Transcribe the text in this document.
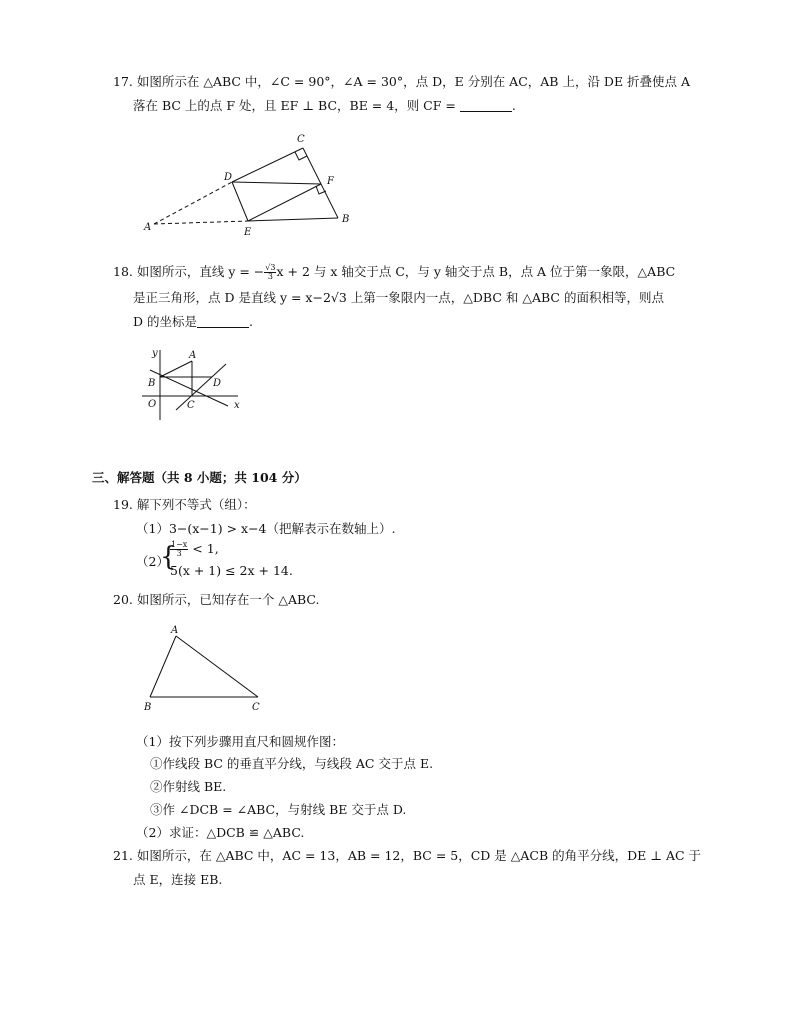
17. 如图所示在 △ABC 中，∠C = 90°，∠A = 30°，点 D，E 分别在 AC，AB 上，沿 DE 折叠使点 A
落在 BC 上的点 F 处，且 EF ⊥ BC，BE = 4，则 CF =	.
A
B
C
D
E
F
18. 如图所示，直线 y = − $\frac{√3}{3}$ x + 2 与 x 轴交于点 C，与 y 轴交于点 B，点 A 位于第一象限，△ABC
是正三角形，点 D 是直线 y = x−2√3 上第一象限内一点，△DBC 和 △ABC 的面积相等，则点
D 的坐标是	.
y
x
O
A
B
C
D
三、解答题（共 8 小题；共 104 分）
19. 解下列不等式（组）：
（1）3−(x−1) > x−4（把解表示在数轴上）.
（2）
{
$\frac{1-x}{3} < 1$,
5(x + 1) ≤ 2x + 14.
20. 如图所示，已知存在一个 △ABC.
A
B	C
（1）按下列步骤用直尺和圆规作图：
①作线段 BC 的垂直平分线，与线段 AC 交于点 E.
②作射线 BE.
③作 ∠DCB = ∠ABC，与射线 BE 交于点 D.
（2）求证：△DCB ≌ △ABC.
21. 如图所示，在 △ABC 中，AC = 13，AB = 12，BC = 5，CD 是 △ACB 的角平分线，DE ⊥ AC 于
点 E，连接 EB.
